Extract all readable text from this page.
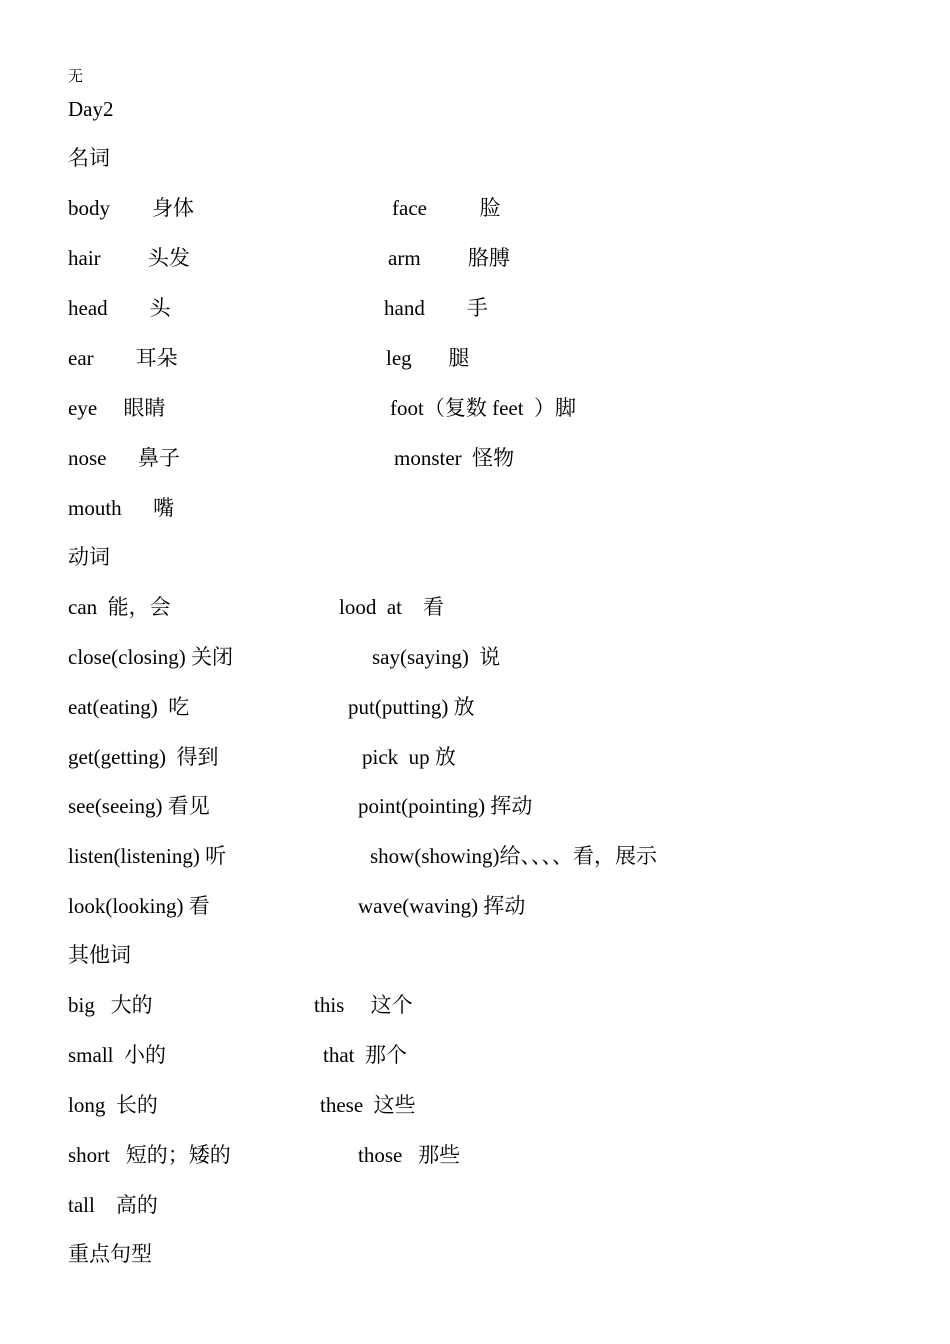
无
Day2
名词
body        身体	face          脸
hair         头发	arm         胳膊
head        头	hand        手
ear        耳朵	leg       腿
eye     眼睛	foot（复数 feet  ）脚
nose      鼻子	monster  怪物
mouth      嘴
动词
can  能，会	lood  at    看
close(closing) 关闭	say(saying)  说
eat(eating)  吃	put(putting) 放
get(getting)  得到	pick  up 放
see(seeing) 看见	point(pointing) 挥动
listen(listening) 听	show(showing)给、、、、看，展示
look(looking) 看	wave(waving) 挥动
其他词
big   大的	this     这个
small  小的	that  那个
long  长的	these  这些
short   短的；矮的	those   那些
tall    高的
重点句型
